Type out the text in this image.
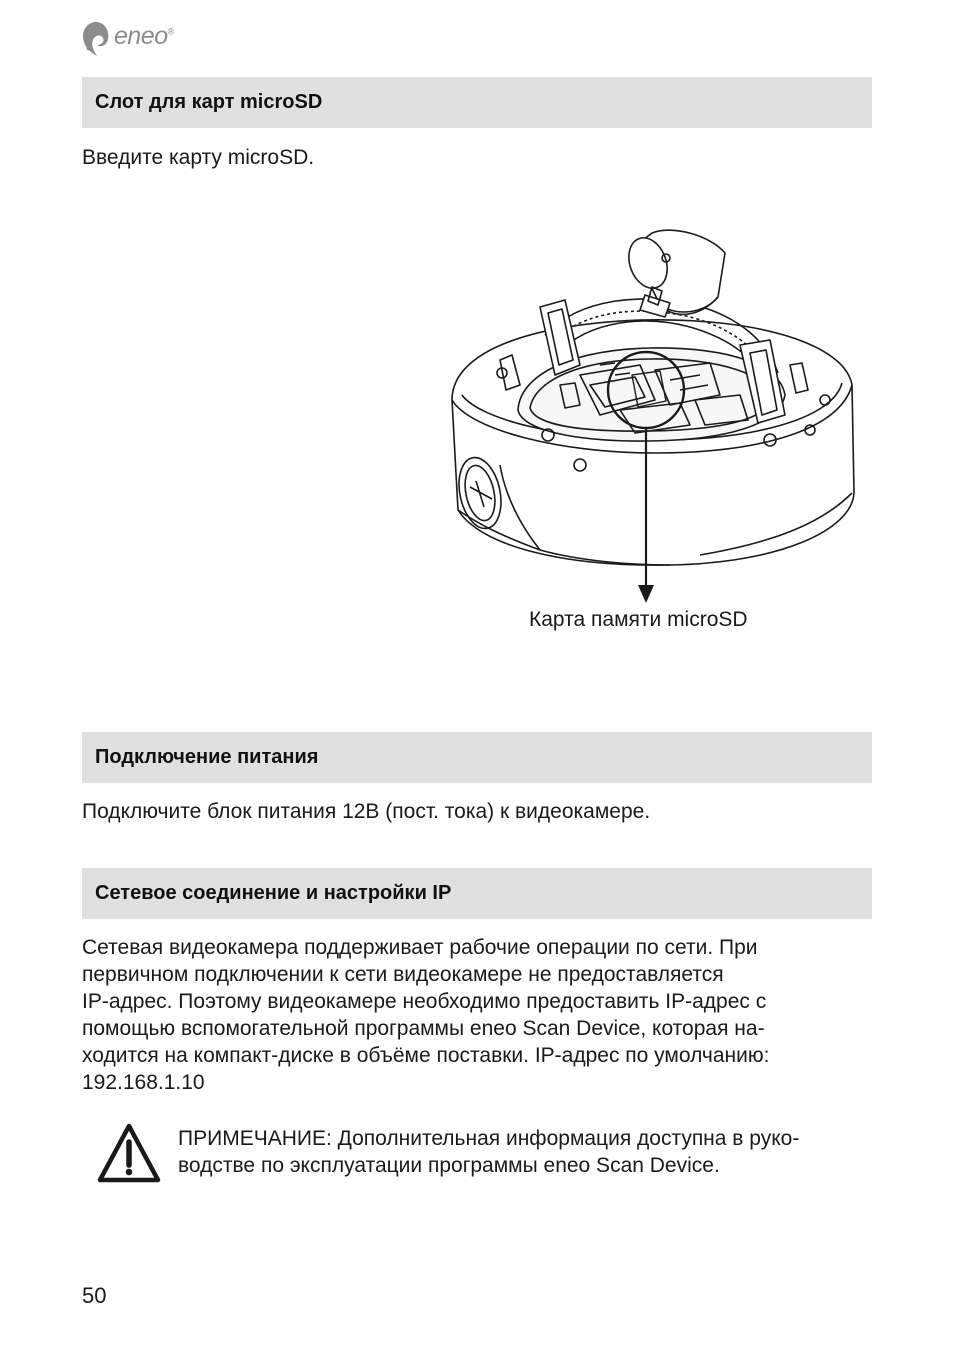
eneo®
Слот для карт microSD

Введите карту microSD.

Карта памяти microSD
Подключение питания

Подключите блок питания 12В (пост. тока) к видеокамере.

Сетевое соединение и настройки IP
Сетевая видеокамера поддерживает рабочие операции по сети. При
первичном подключении к сети видеокамере не предоставляется
IP-адрес. Поэтому видеокамере необходимо предоставить IP-адрес с
помощью вспомогательной программы eneo Scan Device, которая на-
ходится на компакт-диске в объёме поставки. IP-адрес по умолчанию:
192.168.1.10
ПРИМЕЧАНИЕ: Дополнительная информация доступна в руко-
водстве по эксплуатации программы eneo Scan Device.
50
